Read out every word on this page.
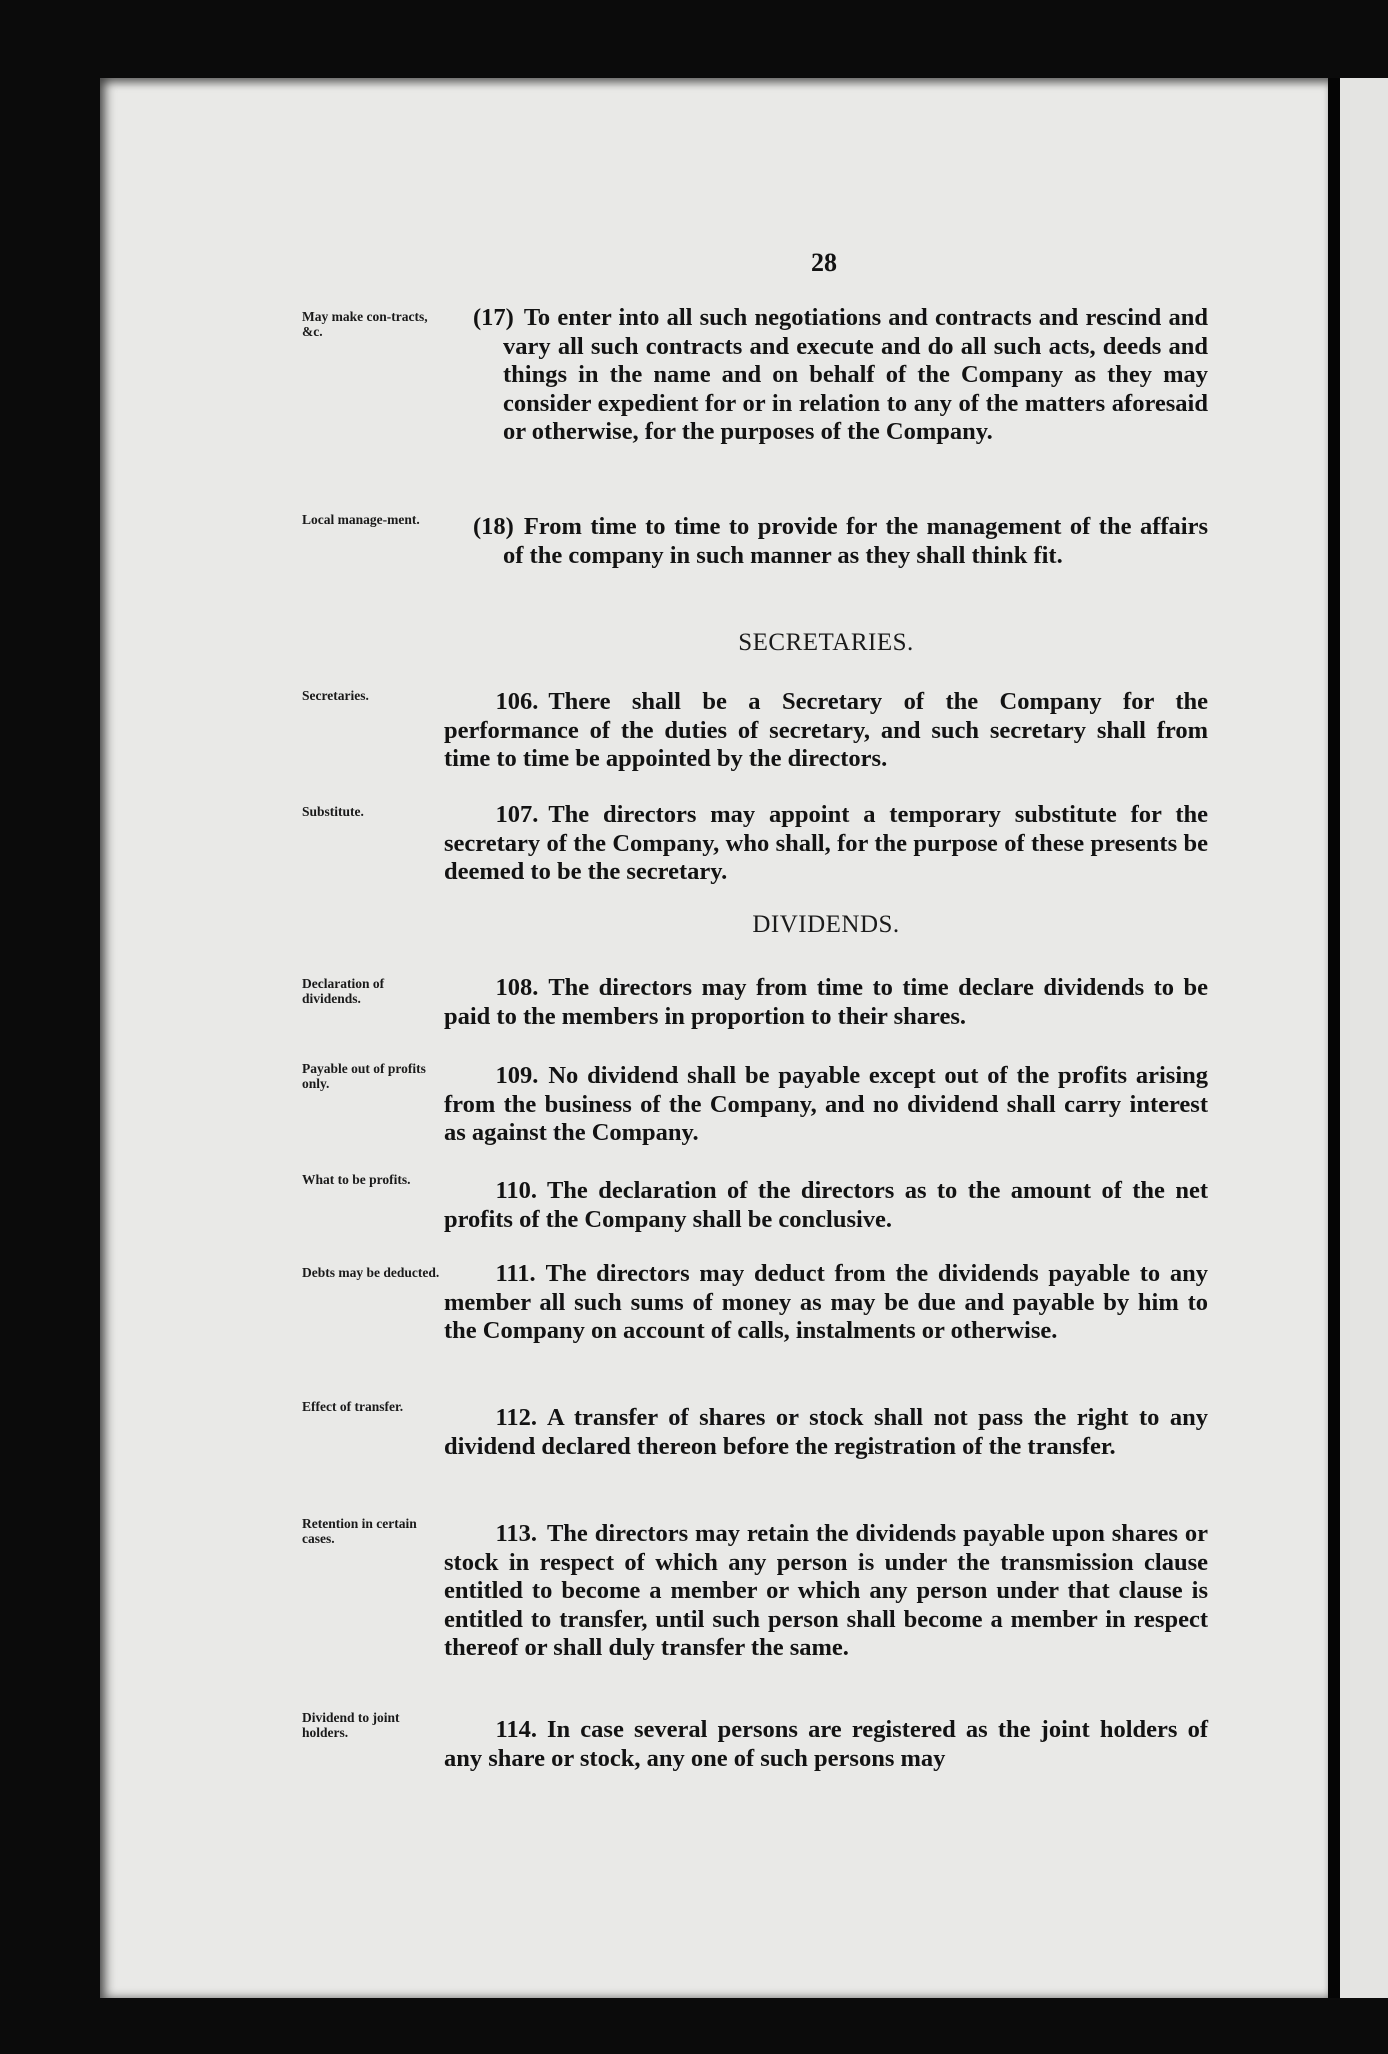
28
May make con-tracts, &c.

(17) To enter into all such negotiations and contracts and rescind and vary all such contracts and execute and do all such acts, deeds and things in the name and on behalf of the Company as they may consider expedient for or in relation to any of the matters aforesaid or otherwise, for the purposes of the Company.

Local manage-ment.	(18) From time to time to provide for the management of the affairs of the company in such manner as they shall think fit.

SECRETARIES.
Secretaries.	106. There shall be a Secretary of the Company for the performance of the duties of secretary, and such secretary shall from time to time be appointed by the directors.

Substitute.	107. The directors may appoint a temporary substitute for the secretary of the Company, who shall, for the purpose of these presents be deemed to be the secretary.

DIVIDENDS.
Declaration of dividends.	108. The directors may from time to time declare dividends to be paid to the members in proportion to their shares.

Payable out of profits only.	109. No dividend shall be payable except out of the profits arising from the business of the Company, and no dividend shall carry interest as against the Company.

What to be profits.	110. The declaration of the directors as to the amount of the net profits of the Company shall be conclusive.

Debts may be deducted.	111. The directors may deduct from the dividends payable to any member all such sums of money as may be due and payable by him to the Company on account of calls, instalments or otherwise.

Effect of transfer.	112. A transfer of shares or stock shall not pass the right to any dividend declared thereon before the registration of the transfer.

Retention in certain cases.	113. The directors may retain the dividends payable upon shares or stock in respect of which any person is under the transmission clause entitled to become a member or which any person under that clause is entitled to transfer, until such person shall become a member in respect thereof or shall duly transfer the same.

Dividend to joint holders.	114. In case several persons are registered as the joint holders of any share or stock, any one of such persons may
